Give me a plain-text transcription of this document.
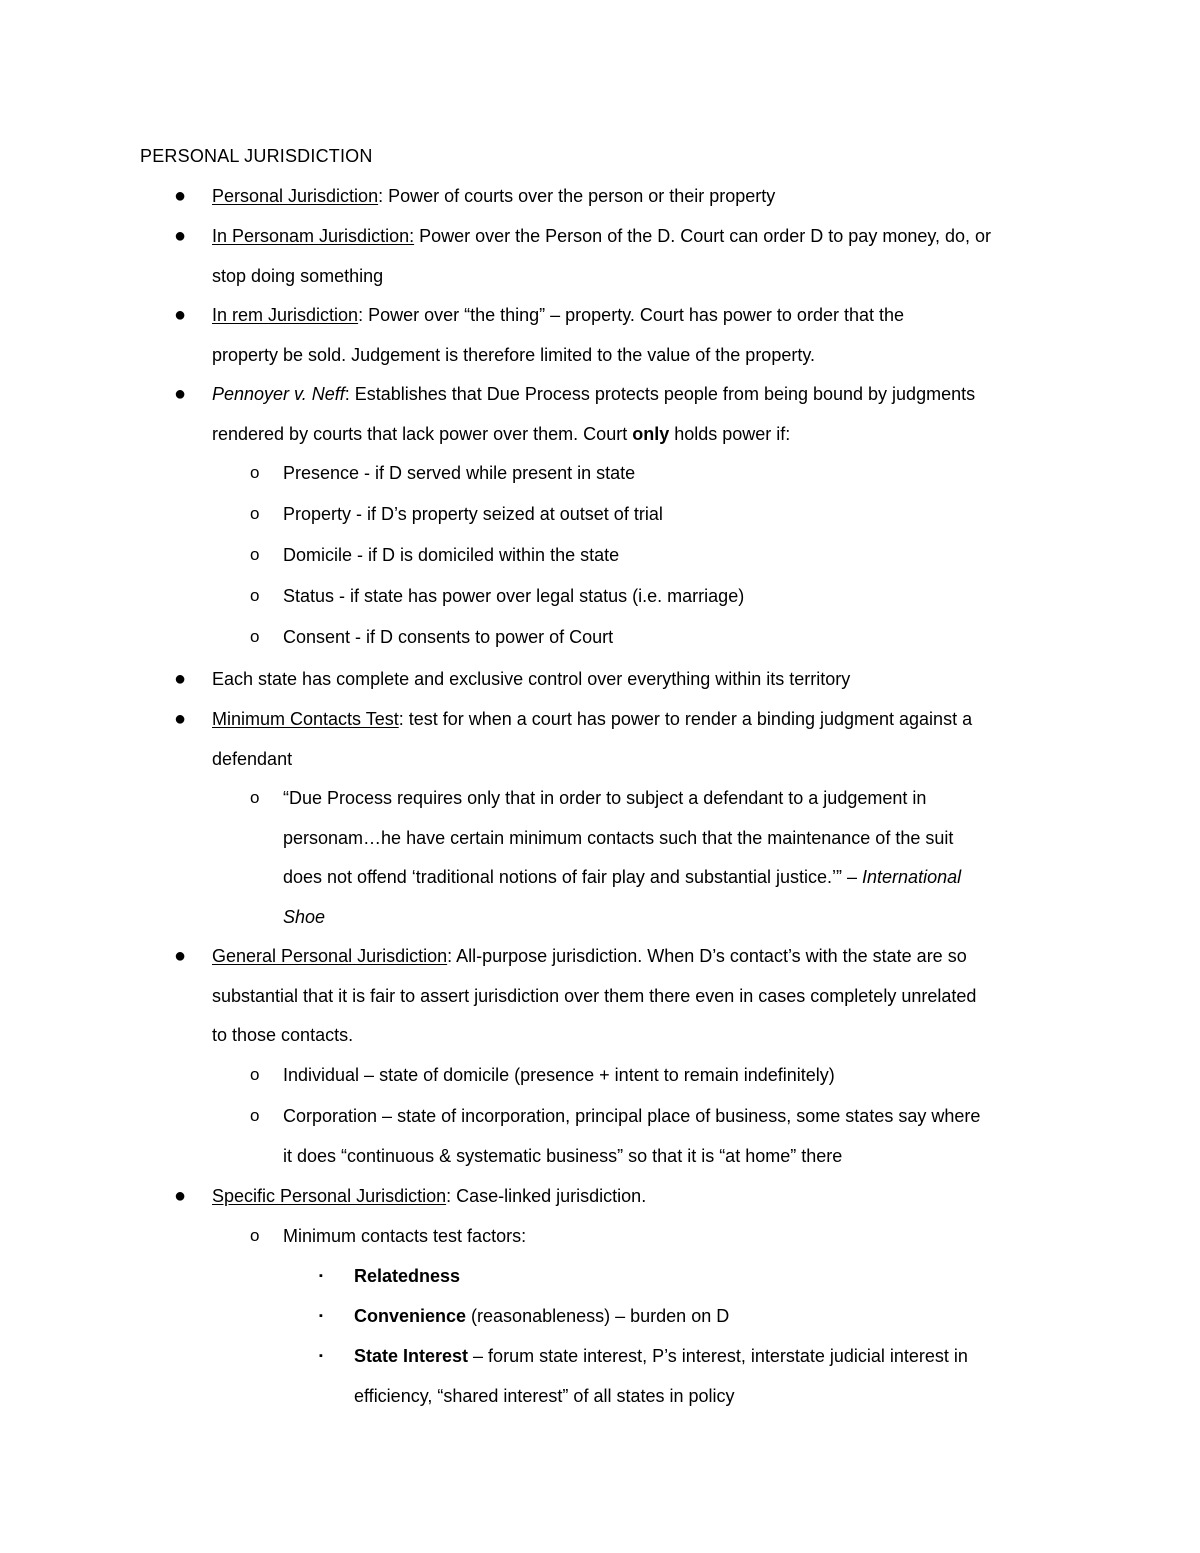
PERSONAL JURISDICTION
● Personal Jurisdiction: Power of courts over the person or their property

● In Personam Jurisdiction: Power over the Person of the D. Court can order D to pay money, do, or

stop doing something

● In rem Jurisdiction: Power over “the thing” – property. Court has power to order that the

property be sold. Judgement is therefore limited to the value of the property.

● Pennoyer v. Neff: Establishes that Due Process protects people from being bound by judgments

rendered by courts that lack power over them. Court only holds power if:

o Presence - if D served while present in state
o Property - if D’s property seized at outset of trial
o Domicile - if D is domiciled within the state
o Status - if state has power over legal status (i.e. marriage)
o Consent - if D consents to power of Court
● Each state has complete and exclusive control over everything within its territory
● Minimum Contacts Test: test for when a court has power to render a binding judgment against a

defendant

o “Due Process requires only that in order to subject a defendant to a judgement in

personam…he have certain minimum contacts such that the maintenance of the suit

does not offend ‘traditional notions of fair play and substantial justice.’” – International

Shoe

● General Personal Jurisdiction: All-purpose jurisdiction. When D’s contact’s with the state are so

substantial that it is fair to assert jurisdiction over them there even in cases completely unrelated

to those contacts.

o Individual – state of domicile (presence + intent to remain indefinitely)
o Corporation – state of incorporation, principal place of business, some states say where

it does “continuous & systematic business” so that it is “at home” there

● Specific Personal Jurisdiction: Case-linked jurisdiction.

o Minimum contacts test factors:
▪ Relatedness
▪ Convenience (reasonableness) – burden on D

▪ State Interest – forum state interest, P’s interest, interstate judicial interest in

efficiency, “shared interest” of all states in policy
